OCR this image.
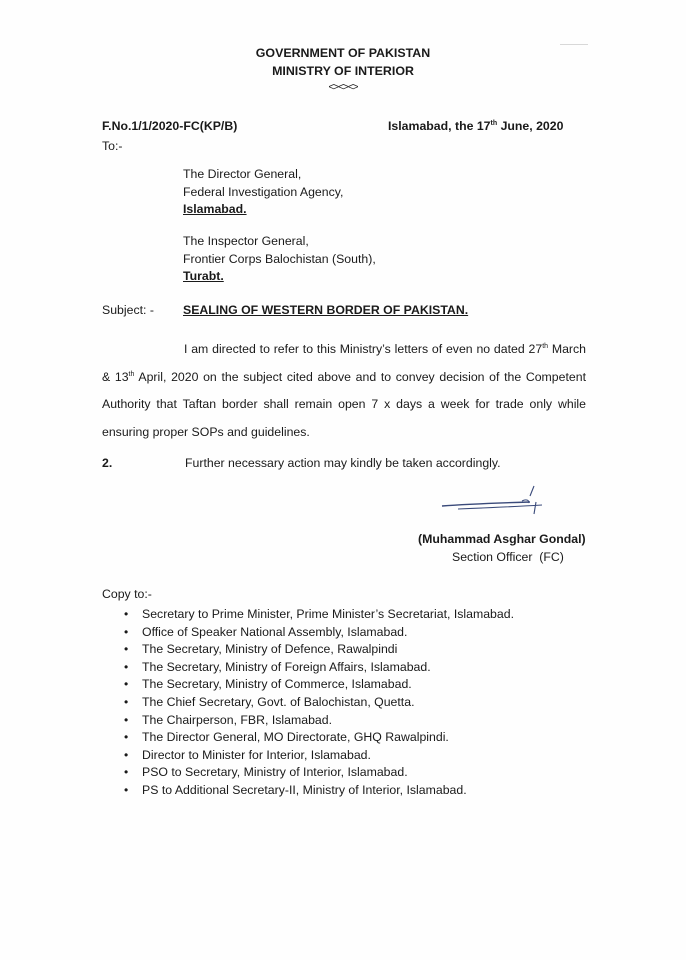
GOVERNMENT OF PAKISTAN
MINISTRY OF INTERIOR
<><><>
F.No.1/1/2020-FC(KP/B)	Islamabad, the 17th June, 2020
To:-
The Director General,
Federal Investigation Agency,
Islamabad.
The Inspector General,
Frontier Corps Balochistan (South),
Turabt.
Subject: - SEALING OF WESTERN BORDER OF PAKISTAN.
I am directed to refer to this Ministry’s letters of even no dated 27th March & 13th April, 2020 on the subject cited above and to convey decision of the Competent Authority that Taftan border shall remain open 7 x days a week for trade only while ensuring proper SOPs and guidelines.
2.	Further necessary action may kindly be taken accordingly.
(Muhammad Asghar Gondal)
Section Officer  (FC)
Copy to:-
• Secretary to Prime Minister, Prime Minister’s Secretariat, Islamabad.
• Office of Speaker National Assembly, Islamabad.
• The Secretary, Ministry of Defence, Rawalpindi
• The Secretary, Ministry of Foreign Affairs, Islamabad.
• The Secretary, Ministry of Commerce, Islamabad.
• The Chief Secretary, Govt. of Balochistan, Quetta.
• The Chairperson, FBR, Islamabad.
• The Director General, MO Directorate, GHQ Rawalpindi.
• Director to Minister for Interior, Islamabad.
• PSO to Secretary, Ministry of Interior, Islamabad.
• PS to Additional Secretary-II, Ministry of Interior, Islamabad.
